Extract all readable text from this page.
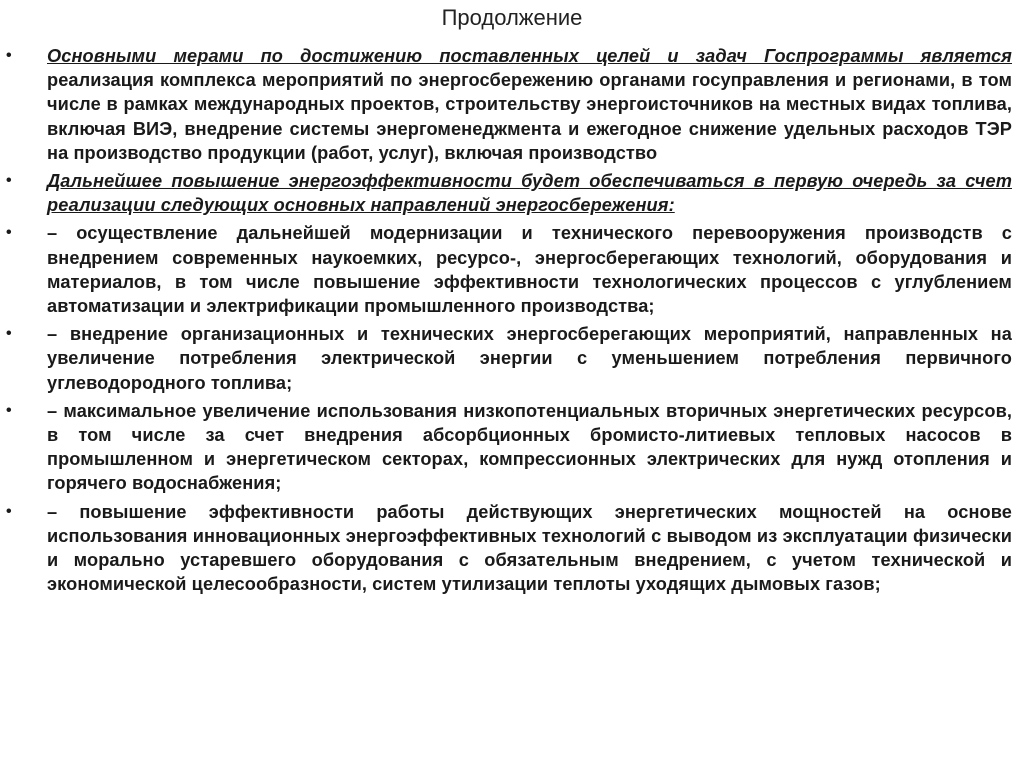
Продолжение
• Основными мерами по достижению поставленных целей и задач Госпрограммы является реализация комплекса мероприятий по энергосбережению органами госуправления и регионами, в том числе в рамках международных проектов, строительству энергоисточников на местных видах топлива, включая ВИЭ, внедрение системы энергоменеджмента и ежегодное снижение удельных расходов ТЭР на производство продукции (работ, услуг), включая производство
• Дальнейшее повышение энергоэффективности будет обеспечиваться в первую очередь за счет реализации следующих основных направлений энергосбережения:
• – осуществление дальнейшей модернизации и технического перевооружения производств с внедрением современных наукоемких, ресурсо-, энергосберегающих технологий, оборудования и материалов, в том числе повышение эффективности технологических процессов с углублением автоматизации и электрификации промышленного производства;
• – внедрение организационных и технических энергосберегающих мероприятий, направленных на увеличение потребления электрической энергии с уменьшением потребления первичного углеводородного топлива;
• – максимальное увеличение использования низкопотенциальных вторичных энергетических ресурсов, в том числе за счет внедрения абсорбционных бромисто-литиевых тепловых насосов в промышленном и энергетическом секторах, компрессионных электрических для нужд отопления и горячего водоснабжения;
• – повышение эффективности работы действующих энергетических мощностей на основе использования инновационных энергоэффективных технологий с выводом из эксплуатации физически и морально устаревшего оборудования с обязательным внедрением, с учетом технической и экономической целесообразности, систем утилизации теплоты уходящих дымовых газов;
